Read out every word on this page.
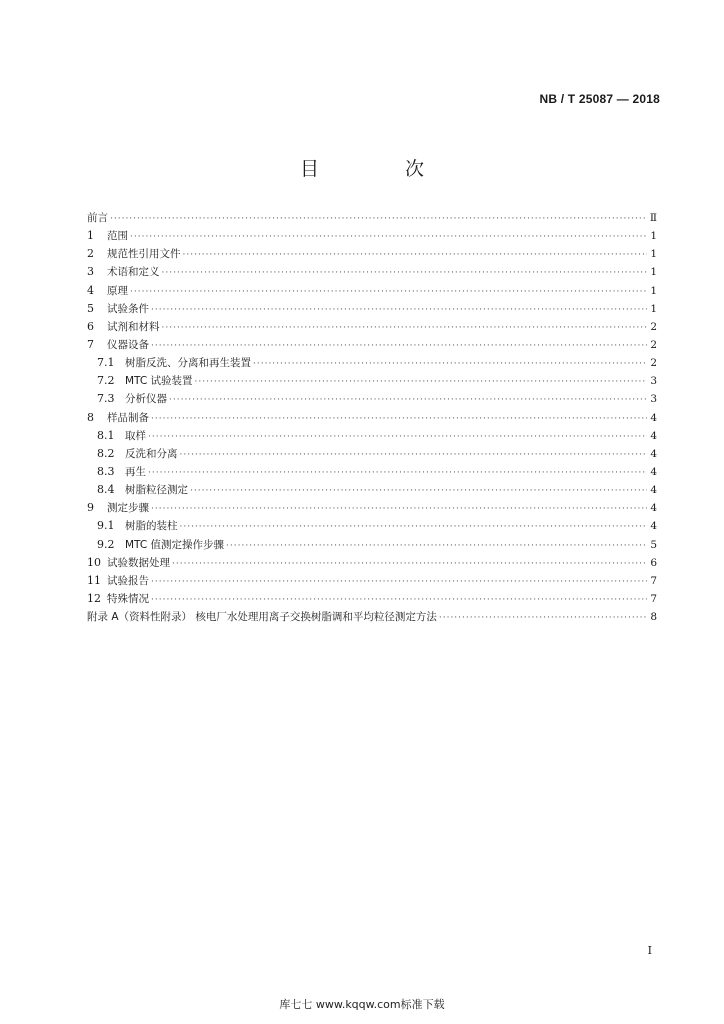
NB / T 25087 — 2018
目 次
前言 ·····	Ⅱ
1	范围 ·····	1
2	规范性引用文件 ·····	1
3	术语和定义 ·····	1
4	原理 ·····	1
5	试验条件 ·····	1
6	试剂和材料 ·····	2
7	仪器设备 ·····	2
7.1	树脂反洗、分离和再生装置 ·····	2
7.2	MTC 试验装置 ·····	3
7.3	分析仪器 ·····	3
8	样品制备 ·····	4
8.1	取样 ·····	4
8.2	反洗和分离 ·····	4
8.3	再生 ·····	4
8.4	树脂粒径测定 ·····	4
9	测定步骤 ·····	4
9.1	树脂的装柱 ·····	4
9.2	MTC 值测定操作步骤 ·····	5
10 试验数据处理 ·····	6
11 试验报告 ·····	7
12 特殊情况 ·····	7
附录 A（资料性附录） 核电厂水处理用离子交换树脂调和平均粒径测定方法 ·····	8
I
库七七 www.kqqw.com标准下载
